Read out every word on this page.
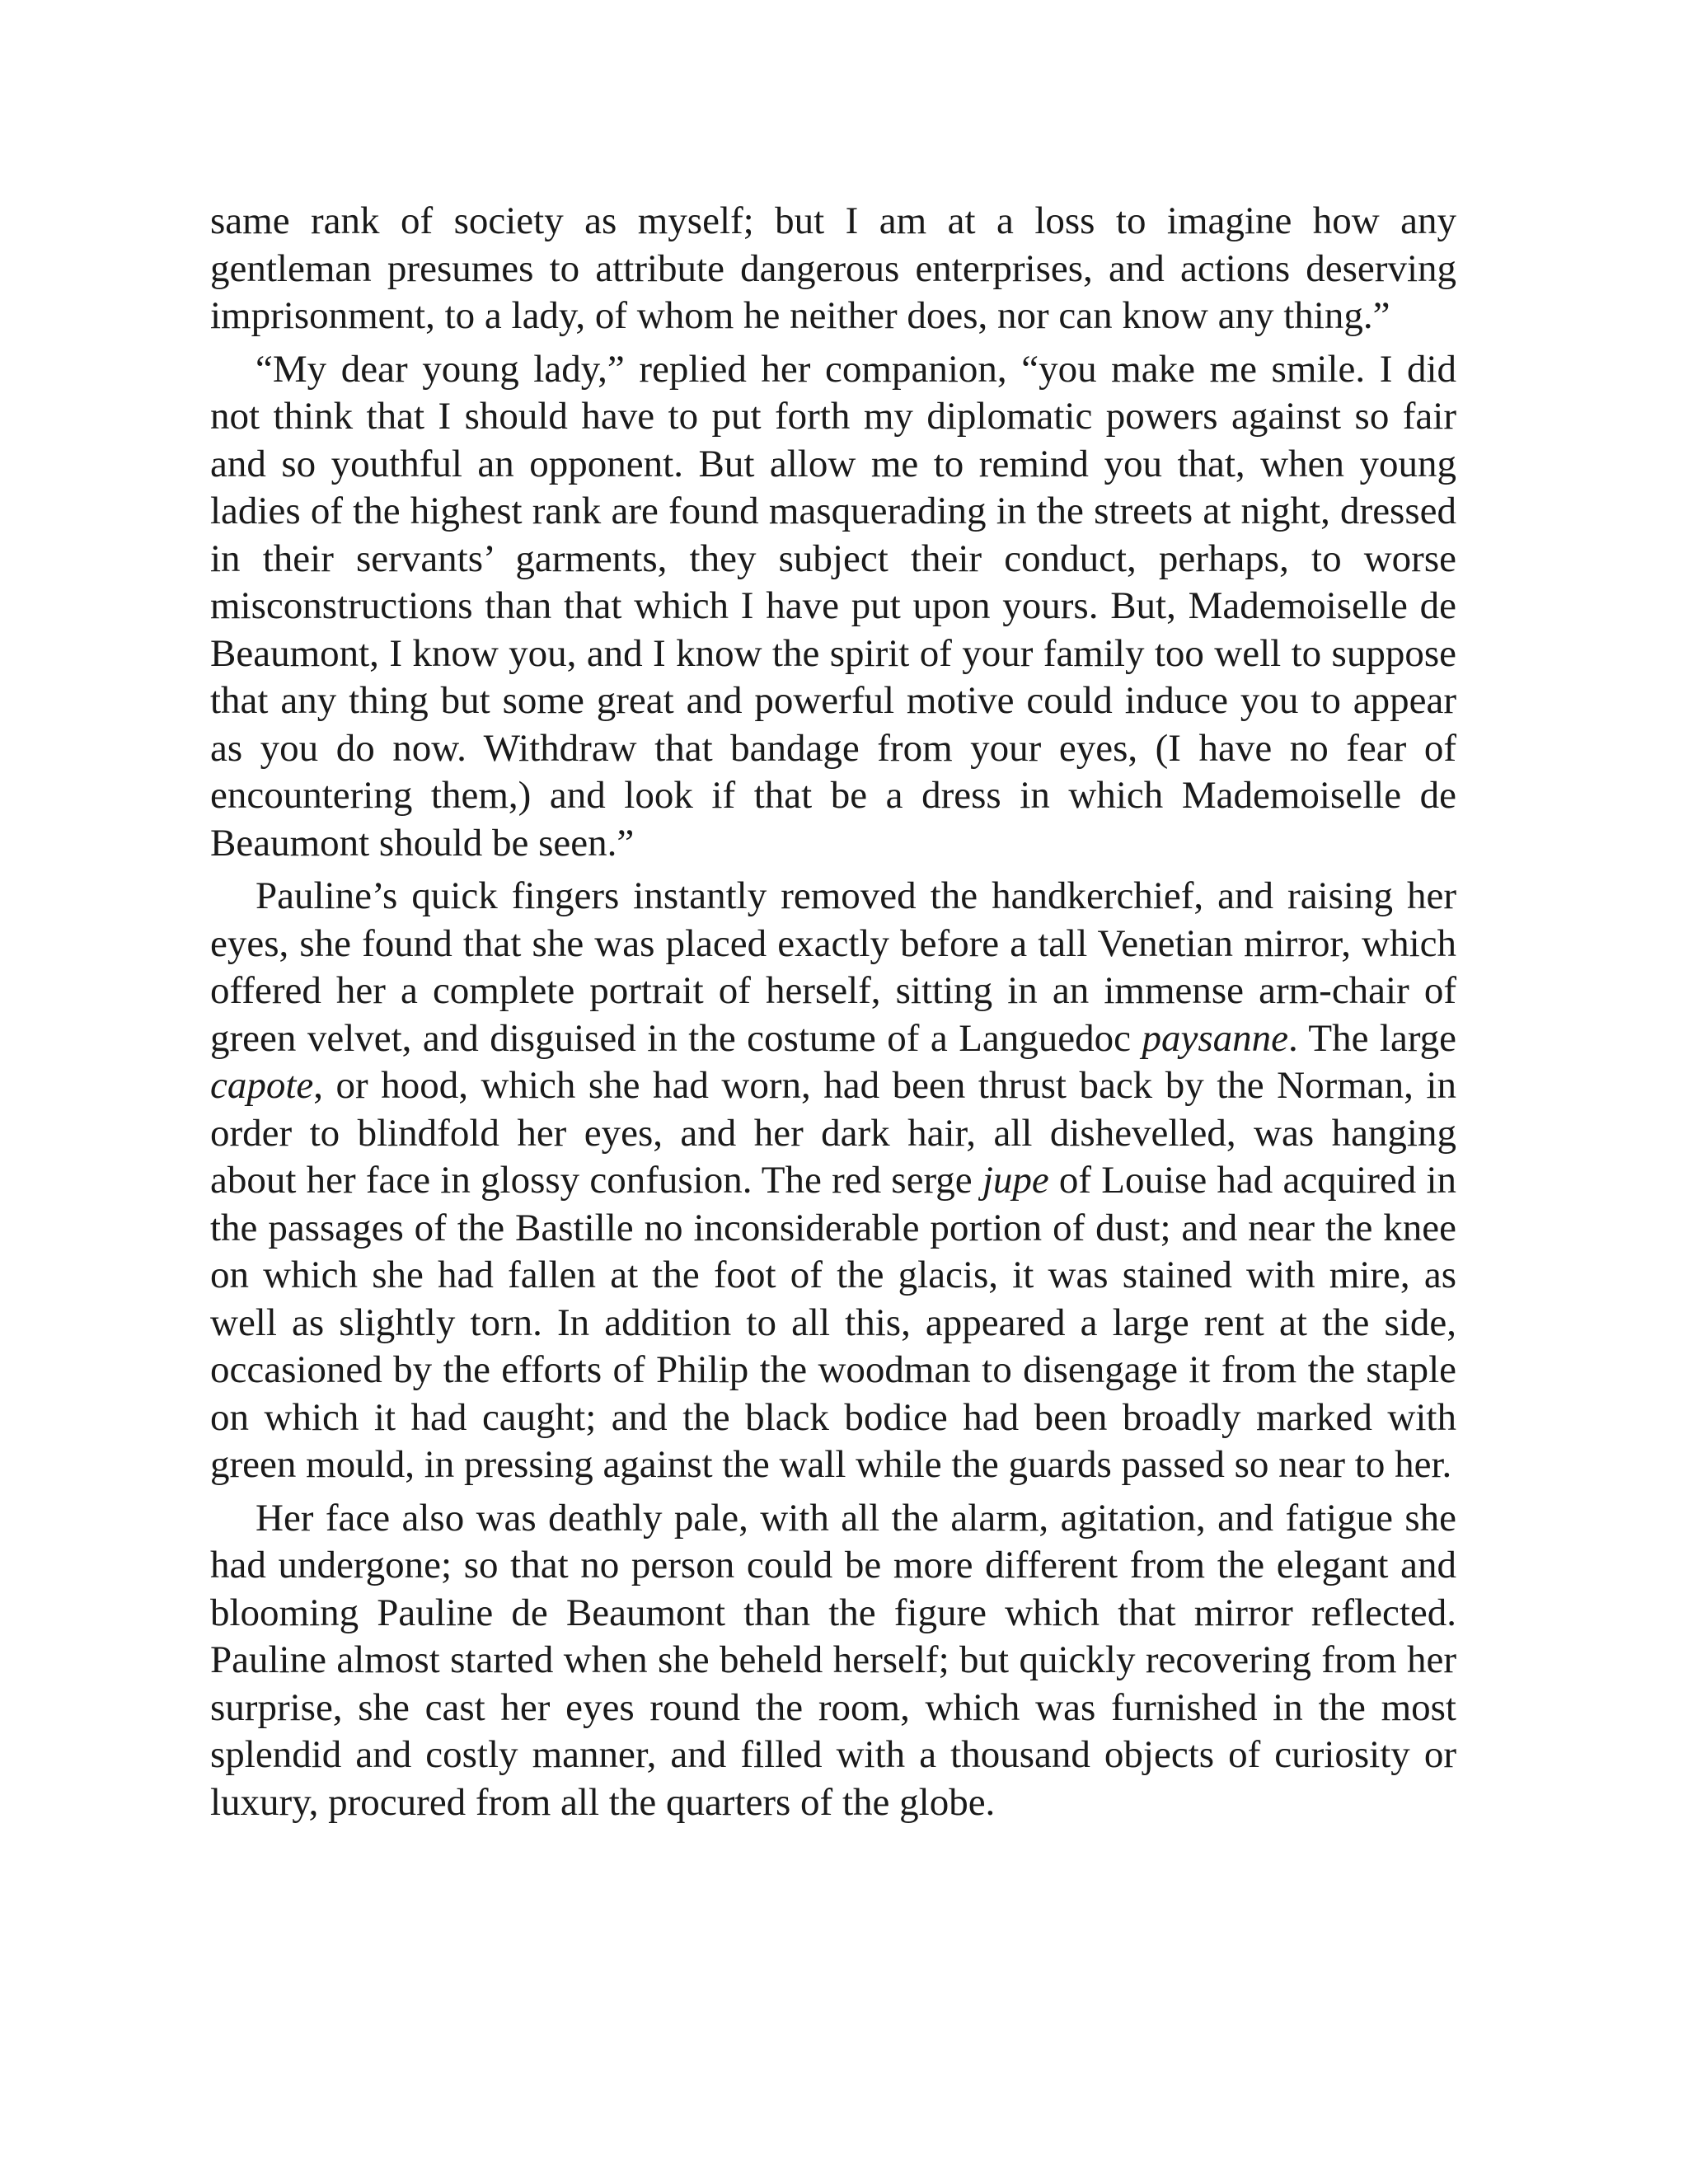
same rank of society as myself; but I am at a loss to imagine how any gentleman presumes to attribute dangerous enterprises, and actions deserving imprisonment, to a lady, of whom he neither does, nor can know any thing.”

“My dear young lady,” replied her companion, “you make me smile. I did not think that I should have to put forth my diplomatic powers against so fair and so youthful an opponent. But allow me to remind you that, when young ladies of the highest rank are found masquerading in the streets at night, dressed in their servants’ garments, they subject their conduct, perhaps, to worse misconstructions than that which I have put upon yours. But, Mademoiselle de Beaumont, I know you, and I know the spirit of your family too well to suppose that any thing but some great and powerful motive could induce you to appear as you do now. Withdraw that bandage from your eyes, (I have no fear of encountering them,) and look if that be a dress in which Mademoiselle de Beaumont should be seen.”

Pauline’s quick fingers instantly removed the handkerchief, and raising her eyes, she found that she was placed exactly before a tall Venetian mirror, which offered her a complete portrait of herself, sitting in an immense arm-chair of green velvet, and disguised in the costume of a Languedoc paysanne. The large capote, or hood, which she had worn, had been thrust back by the Norman, in order to blindfold her eyes, and her dark hair, all dishevelled, was hanging about her face in glossy confusion. The red serge jupe of Louise had acquired in the passages of the Bastille no inconsiderable portion of dust; and near the knee on which she had fallen at the foot of the glacis, it was stained with mire, as well as slightly torn. In addition to all this, appeared a large rent at the side, occasioned by the efforts of Philip the woodman to disengage it from the staple on which it had caught; and the black bodice had been broadly marked with green mould, in pressing against the wall while the guards passed so near to her.

Her face also was deathly pale, with all the alarm, agitation, and fatigue she had undergone; so that no person could be more different from the elegant and blooming Pauline de Beaumont than the figure which that mirror reflected. Pauline almost started when she beheld herself; but quickly recovering from her surprise, she cast her eyes round the room, which was furnished in the most splendid and costly manner, and filled with a thousand objects of curiosity or luxury, procured from all the quarters of the globe.
